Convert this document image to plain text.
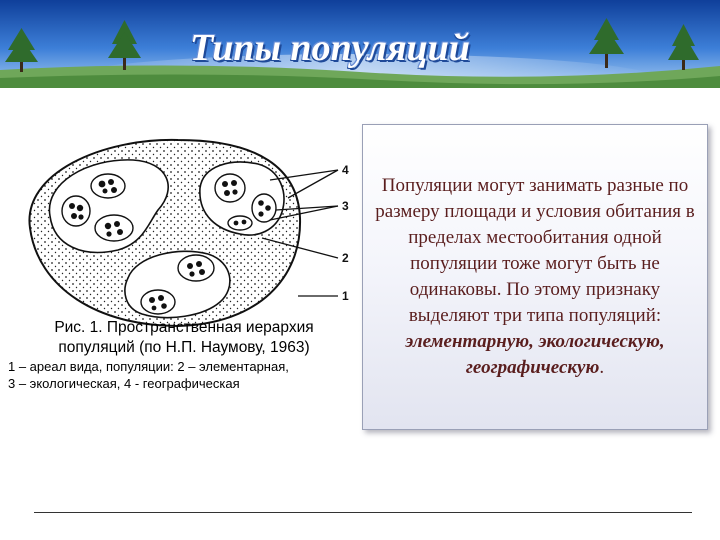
Типы популяций
4
3
2
1
Рис. 1. Пространственная иерархия
популяций (по Н.П. Наумову, 1963)
1 – ареал вида, популяции: 2 – элементарная,
3 – экологическая, 4 - географическая
Популяции могут занимать разные по размеру площади и условия обитания в пределах местообитания одной популяции тоже могут быть не одинаковы. По этому признаку выделяют три типа популяций: элементарную, экологическую, географическую.
